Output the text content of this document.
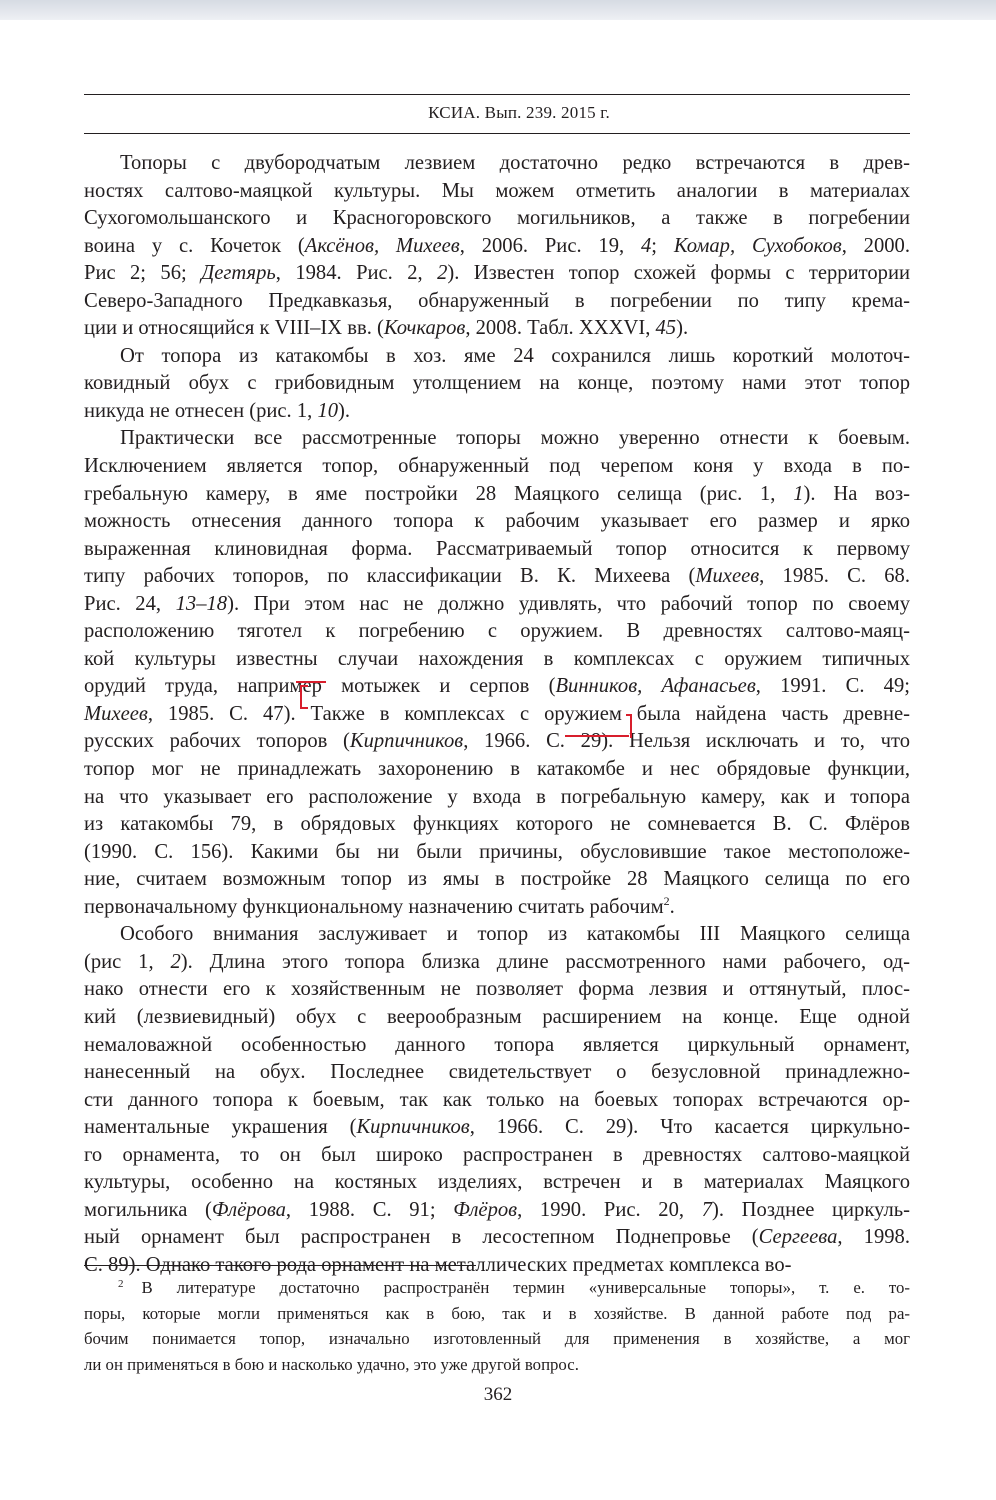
КСИА. Вып. 239. 2015 г.
Топоры с двубородчатым лезвием достаточно редко встречаются в древ-
ностях салтово-маяцкой культуры. Мы можем отметить аналогии в материалах
Сухогомольшанского и Красногоровского могильников, а также в погребении
воина у с. Кочеток (Аксёнов, Михеев, 2006. Рис. 19, 4; Комар, Сухобоков, 2000.
Рис 2; 56; Дегтярь, 1984. Рис. 2, 2). Известен топор схожей формы с территории
Северо-Западного Предкавказья, обнаруженный в погребении по типу крема-
ции и относящийся к VIII–IX вв. (Кочкаров, 2008. Табл. XXXVI, 45).
От топора из катакомбы в хоз. яме 24 сохранился лишь короткий молоточ-
ковидный обух с грибовидным утолщением на конце, поэтому нами этот топор
никуда не отнесен (рис. 1, 10).
Практически все рассмотренные топоры можно уверенно отнести к боевым.
Исключением является топор, обнаруженный под черепом коня у входа в по-
гребальную камеру, в яме постройки 28 Маяцкого селища (рис. 1, 1). На воз-
можность отнесения данного топора к рабочим указывает его размер и ярко
выраженная клиновидная форма. Рассматриваемый топор относится к первому
типу рабочих топоров, по классификации В. К. Михеева (Михеев, 1985. С. 68.
Рис. 24, 13–18). При этом нас не должно удивлять, что рабочий топор по своему
расположению тяготел к погребению с оружием. В древностях салтово-маяц-
кой культуры известны случаи нахождения в комплексах с оружием типичных
орудий труда, например мотыжек и серпов (Винников, Афанасьев, 1991. С. 49;
Михеев, 1985. С. 47). Также в комплексах с оружием была найдена часть древне-
русских рабочих топоров (Кирпичников, 1966. С. 29). Нельзя исключать и то, что
топор мог не принадлежать захоронению в катакомбе и нес обрядовые функции,
на что указывает его расположение у входа в погребальную камеру, как и топора
из катакомбы 79, в обрядовых функциях которого не сомневается В. С. Флёров
(1990. С. 156). Какими бы ни были причины, обусловившие такое местоположе-
ние, считаем возможным топор из ямы в постройке 28 Маяцкого селища по его
первоначальному функциональному назначению считать рабочим$^2$.
Особого внимания заслуживает и топор из катакомбы III Маяцкого селища
(рис 1, 2). Длина этого топора близка длине рассмотренного нами рабочего, од-
нако отнести его к хозяйственным не позволяет форма лезвия и оттянутый, плос-
кий (лезвиевидный) обух с веерообразным расширением на конце. Еще одной
немаловажной особенностью данного топора является циркульный орнамент,
нанесенный на обух. Последнее свидетельствует о безусловной принадлежно-
сти данного топора к боевым, так как только на боевых топорах встречаются ор-
наментальные украшения (Кирпичников, 1966. С. 29). Что касается циркульно-
го орнамента, то он был широко распространен в древностях салтово-маяцкой
культуры, особенно на костяных изделиях, встречен и в материалах Маяцкого
могильника (Флёрова, 1988. С. 91; Флёров, 1990. Рис. 20, 7). Позднее циркуль-
ный орнамент был распространен в лесостепном Поднепровье (Сергеева, 1998.
С. 89). Однако такого рода орнамент на металлических предметах комплекса во-
$^2$ В литературе достаточно распространён термин «универсальные топоры», т. е. то-
поры, которые могли применяться как в бою, так и в хозяйстве. В данной работе под ра-
бочим понимается топор, изначально изготовленный для применения в хозяйстве, а мог
ли он применяться в бою и насколько удачно, это уже другой вопрос.
362
